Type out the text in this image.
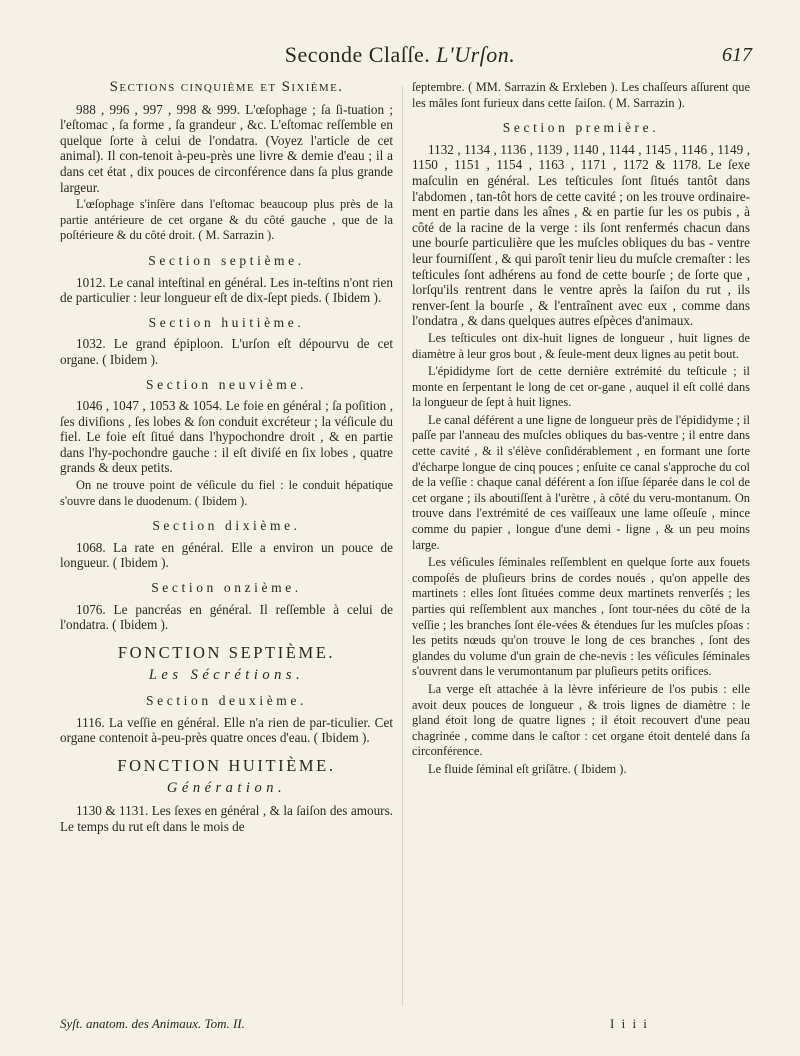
Seconde Claſſe. L'Urſon.	617
Sections cinquième et Sixième.

988 , 996 , 997 , 998 & 999. L'œſophage ; ſa ſi-tuation ; l'eſtomac , ſa forme , ſa grandeur , &c. L'eſtomac reſſemble en quelque ſorte à celui de l'ondatra. (Voyez l'article de cet animal). Il con-tenoit à-peu-près une livre & demie d'eau ; il a dans cet état , dix pouces de circonférence dans ſa plus grande largeur.

L'œſophage s'inſère dans l'eſtomac beaucoup plus près de la partie antérieure de cet organe & du côté gauche , que de la poſtérieure & du côté droit. ( M. Sarrazin ).

Section septième.

1012. Le canal inteſtinal en général. Les in-teſtins n'ont rien de particulier : leur longueur eſt de dix-ſept pieds. ( Ibidem ).

Section huitième.

1032. Le grand épiploon. L'urſon eſt dépourvu de cet organe. ( Ibidem ).

Section neuvième.

1046 , 1047 , 1053 & 1054. Le foie en général ; ſa poſition , ſes diviſions , ſes lobes & ſon conduit excréteur ; la véſicule du fiel. Le foie eſt ſitué dans l'hypochondre droit , & en partie dans l'hy-pochondre gauche : il eſt diviſé en ſix lobes , quatre grands & deux petits.

On ne trouve point de véſicule du fiel : le conduit hépatique s'ouvre dans le duodenum. ( Ibidem ).

Section dixième.

1068. La rate en général. Elle a environ un pouce de longueur. ( Ibidem ).

Section onzième.

1076. Le pancréas en général. Il reſſemble à celui de l'ondatra. ( Ibidem ).

FONCTION SEPTIÈME.
Les Sécrétions.
Section deuxième.

1116. La veſſie en général. Elle n'a rien de par-ticulier. Cet organe contenoit à-peu-près quatre onces d'eau. ( Ibidem ).

FONCTION HUITIÈME.
Génération.

1130 & 1131. Les ſexes en général , & la ſaiſon des amours. Le temps du rut eſt dans le mois de

ſeptembre. ( MM. Sarrazin & Erxleben ). Les chaſſeurs aſſurent que les mâles ſont furieux dans cette ſaiſon. ( M. Sarrazin ).

Section première.

1132 , 1134 , 1136 , 1139 , 1140 , 1144 , 1145 , 1146 , 1149 , 1150 , 1151 , 1154 , 1163 , 1171 , 1172 & 1178. Le ſexe maſculin en général. Les teſticules ſont ſitués tantôt dans l'abdomen , tan-tôt hors de cette cavité ; on les trouve ordinaire-ment en partie dans les aînes , & en partie ſur les os pubis , à côté de la racine de la verge : ils ſont renfermés chacun dans une bourſe particulière que les muſcles obliques du bas - ventre leur fourniſſent , & qui paroît tenir lieu du muſcle cremaſter : les teſticules ſont adhérens au fond de cette bourſe ; de ſorte que , lorſqu'ils rentrent dans le ventre après la ſaiſon du rut , ils renver-ſent la bourſe , & l'entraînent avec eux , comme dans l'ondatra , & dans quelques autres eſpèces d'animaux.

Les teſticules ont dix-huit lignes de longueur , huit lignes de diamètre à leur gros bout , & ſeule-ment deux lignes au petit bout.

L'épididyme ſort de cette dernière extrémité du teſticule ; il monte en ſerpentant le long de cet or-gane , auquel il eſt collé dans la longueur de ſept à huit lignes.

Le canal déférent a une ligne de longueur près de l'épididyme ; il paſſe par l'anneau des muſcles obliques du bas-ventre ; il entre dans cette cavité , & il s'élève conſidérablement , en formant une ſorte d'écharpe longue de cinq pouces ; enſuite ce canal s'approche du col de la veſſie : chaque canal déférent a ſon iſſue ſéparée dans le col de cet organe ; ils aboutiſſent à l'urètre , à côté du veru-montanum. On trouve dans l'extrémité de ces vaiſſeaux une lame oſſeuſe , mince comme du papier , longue d'une demi - ligne , & un peu moins large.

Les véſicules ſéminales reſſemblent en quelque ſorte aux fouets compoſés de pluſieurs brins de cordes noués , qu'on appelle des martinets : elles ſont ſituées comme deux martinets renverſés ; les parties qui reſſemblent aux manches , ſont tour-nées du côté de la veſſie ; les branches ſont éle-vées & étendues ſur les muſcles pſoas : les petits nœuds qu'on trouve le long de ces branches , ſont des glandes du volume d'un grain de che-nevis : les véſicules ſéminales s'ouvrent dans le verumontanum par pluſieurs petits orifices.

La verge eſt attachée à la lèvre inférieure de l'os pubis : elle avoit deux pouces de longueur , & trois lignes de diamètre : le gland étoit long de quatre lignes ; il étoit recouvert d'une peau chagrinée , comme dans le caſtor : cet organe étoit dentelé dans ſa circonférence.

Le fluide ſéminal eſt griſâtre. ( Ibidem ).

Syſt. anatom. des Animaux. Tom. II.	I i i i
